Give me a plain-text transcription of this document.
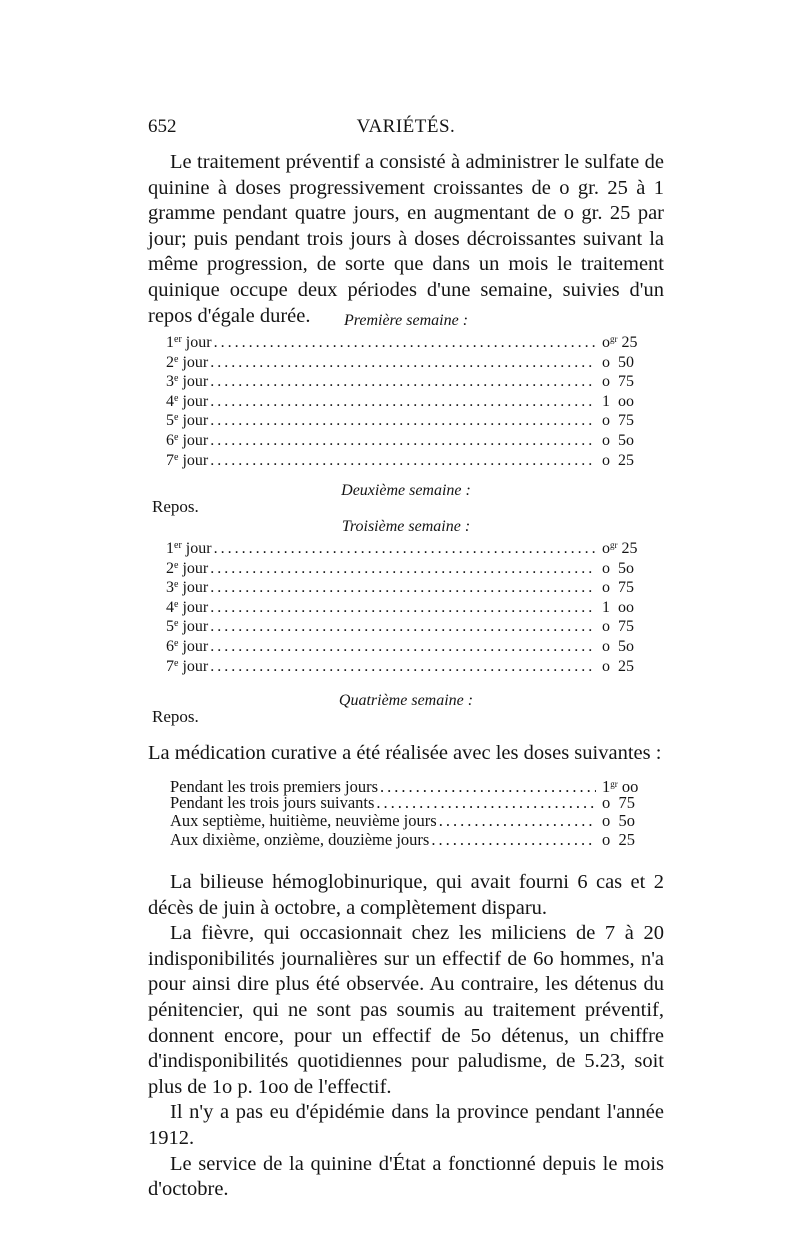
652	VARIÉTÉS.

Le traitement préventif a consisté à administrer le sulfate de quinine à doses progressivement croissantes de o gr. 25 à 1 gramme pendant quatre jours, en augmentant de o gr. 25 par jour; puis pendant trois jours à doses décroissantes suivant la même progression, de sorte que dans un mois le traitement quinique occupe deux périodes d'une semaine, suivies d'un repos d'égale durée.	Première semaine :
1er jour .....	$o^{gr}$ 25
2e jour .....	o 50
3e jour .....	o 75
4e jour .....	1 oo
5e jour .....	o 75
6e jour .....	o 5o
7e jour .....	o 25
Deuxième semaine :
Repos.
Troisième semaine :
1er jour .....	$o^{gr}$ 25
2e jour .....	o 5o
3e jour .....	o 75
4e jour .....	1 oo
5e jour .....	o 75
6e jour .....	o 5o
7e jour .....	o 25
Quatrième semaine :
Repos.
La médication curative a été réalisée avec les doses suivantes :
Pendant les trois premiers jours .....	$1^{gr}$ oo
Pendant les trois jours suivants .....	o 75
Aux septième, huitième, neuvième jours .....	o 5o
Aux dixième, onzième, douzième jours .....	o 25

La bilieuse hémoglobinurique, qui avait fourni 6 cas et 2 décès de juin à octobre, a complètement disparu.

La fièvre, qui occasionnait chez les miliciens de 7 à 20 indisponibilités journalières sur un effectif de 6o hommes, n'a pour ainsi dire plus été observée. Au contraire, les détenus du pénitencier, qui ne sont pas soumis au traitement préventif, donnent encore, pour un effectif de 5o détenus, un chiffre d'indisponibilités quotidiennes pour paludisme, de 5.23, soit plus de 1o p. 1oo de l'effectif.

Il n'y a pas eu d'épidémie dans la province pendant l'année 1912.

Le service de la quinine d'État a fonctionné depuis le mois d'octobre.
